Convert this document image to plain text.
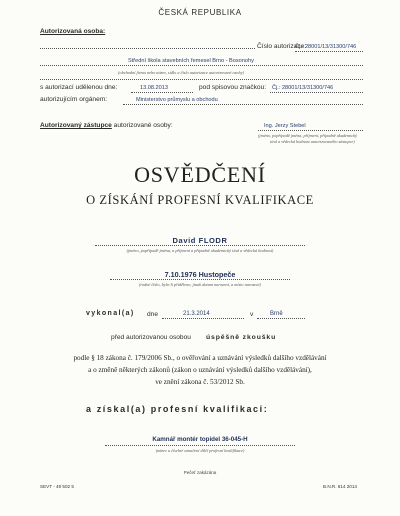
ČESKÁ REPUBLIKA
Autorizovaná osoba:
Číslo autorizace:
Čj.: 28001/13/31300/746
Střední škola stavebních řemesel Brno - Bosonohy
(obchodní firma nebo název, sídlo a číslo autorizace autorizované osoby)
s autorizací udělenou dne:	13.08.2013	pod spisovou značkou: Čj.: 28001/13/31300/746
autorizujícím orgánem:	Ministerstvo průmyslu a obchodu
Autorizovaný zástupce autorizované osoby:	Ing. Jerzy Stebel
(jméno, popřípadě jména, příjmení, případně akademický
titul a vědecká hodnost autorizovaného zástupce)
OSVĚDČENÍ
O ZÍSKÁNÍ PROFESNÍ KVALIFIKACE
David FLODR
(jméno, popřípadě jména, a příjmení a případně akademický titul a vědecká hodnost)
7.10.1976 Hustopeče
(rodné číslo, bylo-li přiděleno, jinak datum narození, a místo narození)
vykonal(a) dne	21.3.2014	v	Brně
před autorizovanou osobou úspěšně zkoušku
podle § 18 zákona č. 179/2006 Sb., o ověřování a uznávání výsledků dalšího vzdělávání
a o změně některých zákonů (zákon o uznávání výsledků dalšího vzdělávání),
ve znění zákona č. 53/2012 Sb.
a získal(a) profesní kvalifikaci:
Kamnář montér topidel 36-045-H
(název a číselné označení dílčí profesní kvalifikace)
Pečeť zakázána
SEVT - 49 502 5	B.N.R. 614 2014
